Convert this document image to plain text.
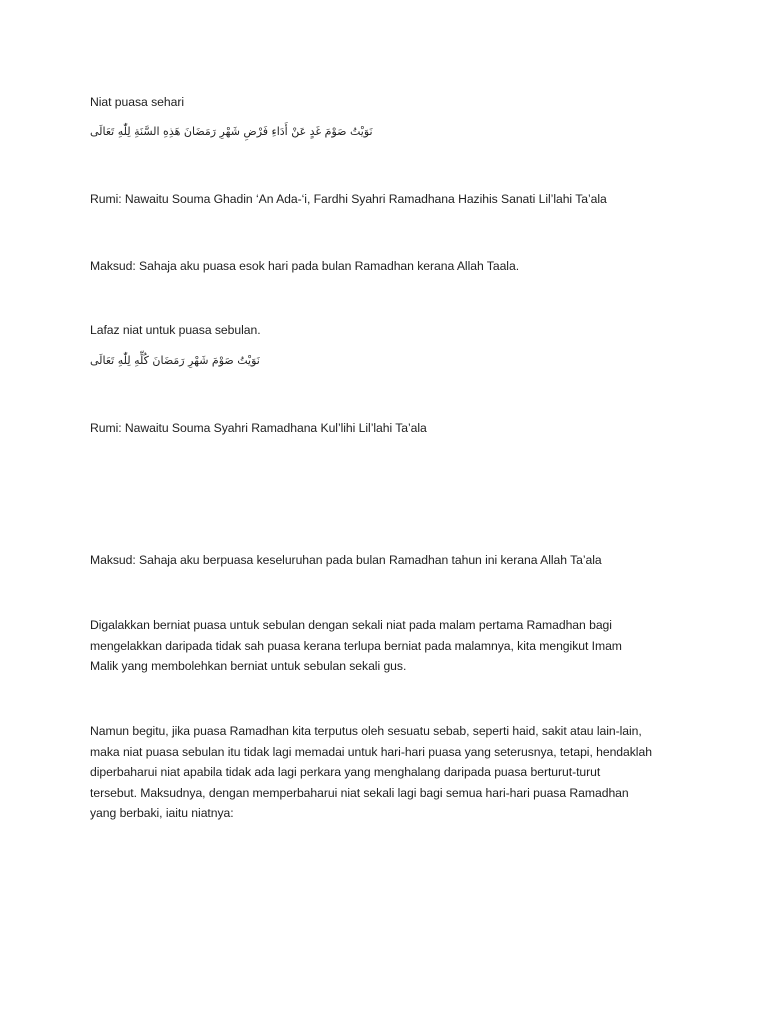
Niat puasa sehari
نَوَيْتُ صَوْمَ غَدٍ عَنْ أَدَاءِ فَرْضِ شَهْرِ رَمَضَانَ هَذِهِ السَّنَةِ لِلّٰهِ تَعَالَى
Rumi: Nawaitu Souma Ghadin ‘An Ada-‘i, Fardhi Syahri Ramadhana Hazihis Sanati Lil’lahi Ta’ala
Maksud: Sahaja aku puasa esok hari pada bulan Ramadhan kerana Allah Taala.
Lafaz niat untuk puasa sebulan.
نَوَيْتُ صَوْمَ شَهْرِ رَمَضَانَ كُلِّهِ لِلّٰهِ تَعَالَى
Rumi: Nawaitu Souma Syahri Ramadhana Kul’lihi Lil’lahi Ta’ala
Maksud: Sahaja aku berpuasa keseluruhan pada bulan Ramadhan tahun ini kerana Allah Ta’ala
Digalakkan berniat puasa untuk sebulan dengan sekali niat pada malam pertama Ramadhan bagi
mengelakkan daripada tidak sah puasa kerana terlupa berniat pada malamnya, kita mengikut Imam
Malik yang membolehkan berniat untuk sebulan sekali gus.
Namun begitu, jika puasa Ramadhan kita terputus oleh sesuatu sebab, seperti haid, sakit atau lain-lain,
maka niat puasa sebulan itu tidak lagi memadai untuk hari-hari puasa yang seterusnya, tetapi, hendaklah
diperbaharui niat apabila tidak ada lagi perkara yang menghalang daripada puasa berturut-turut
tersebut. Maksudnya, dengan memperbaharui niat sekali lagi bagi semua hari-hari puasa Ramadhan
yang berbaki, iaitu niatnya:
